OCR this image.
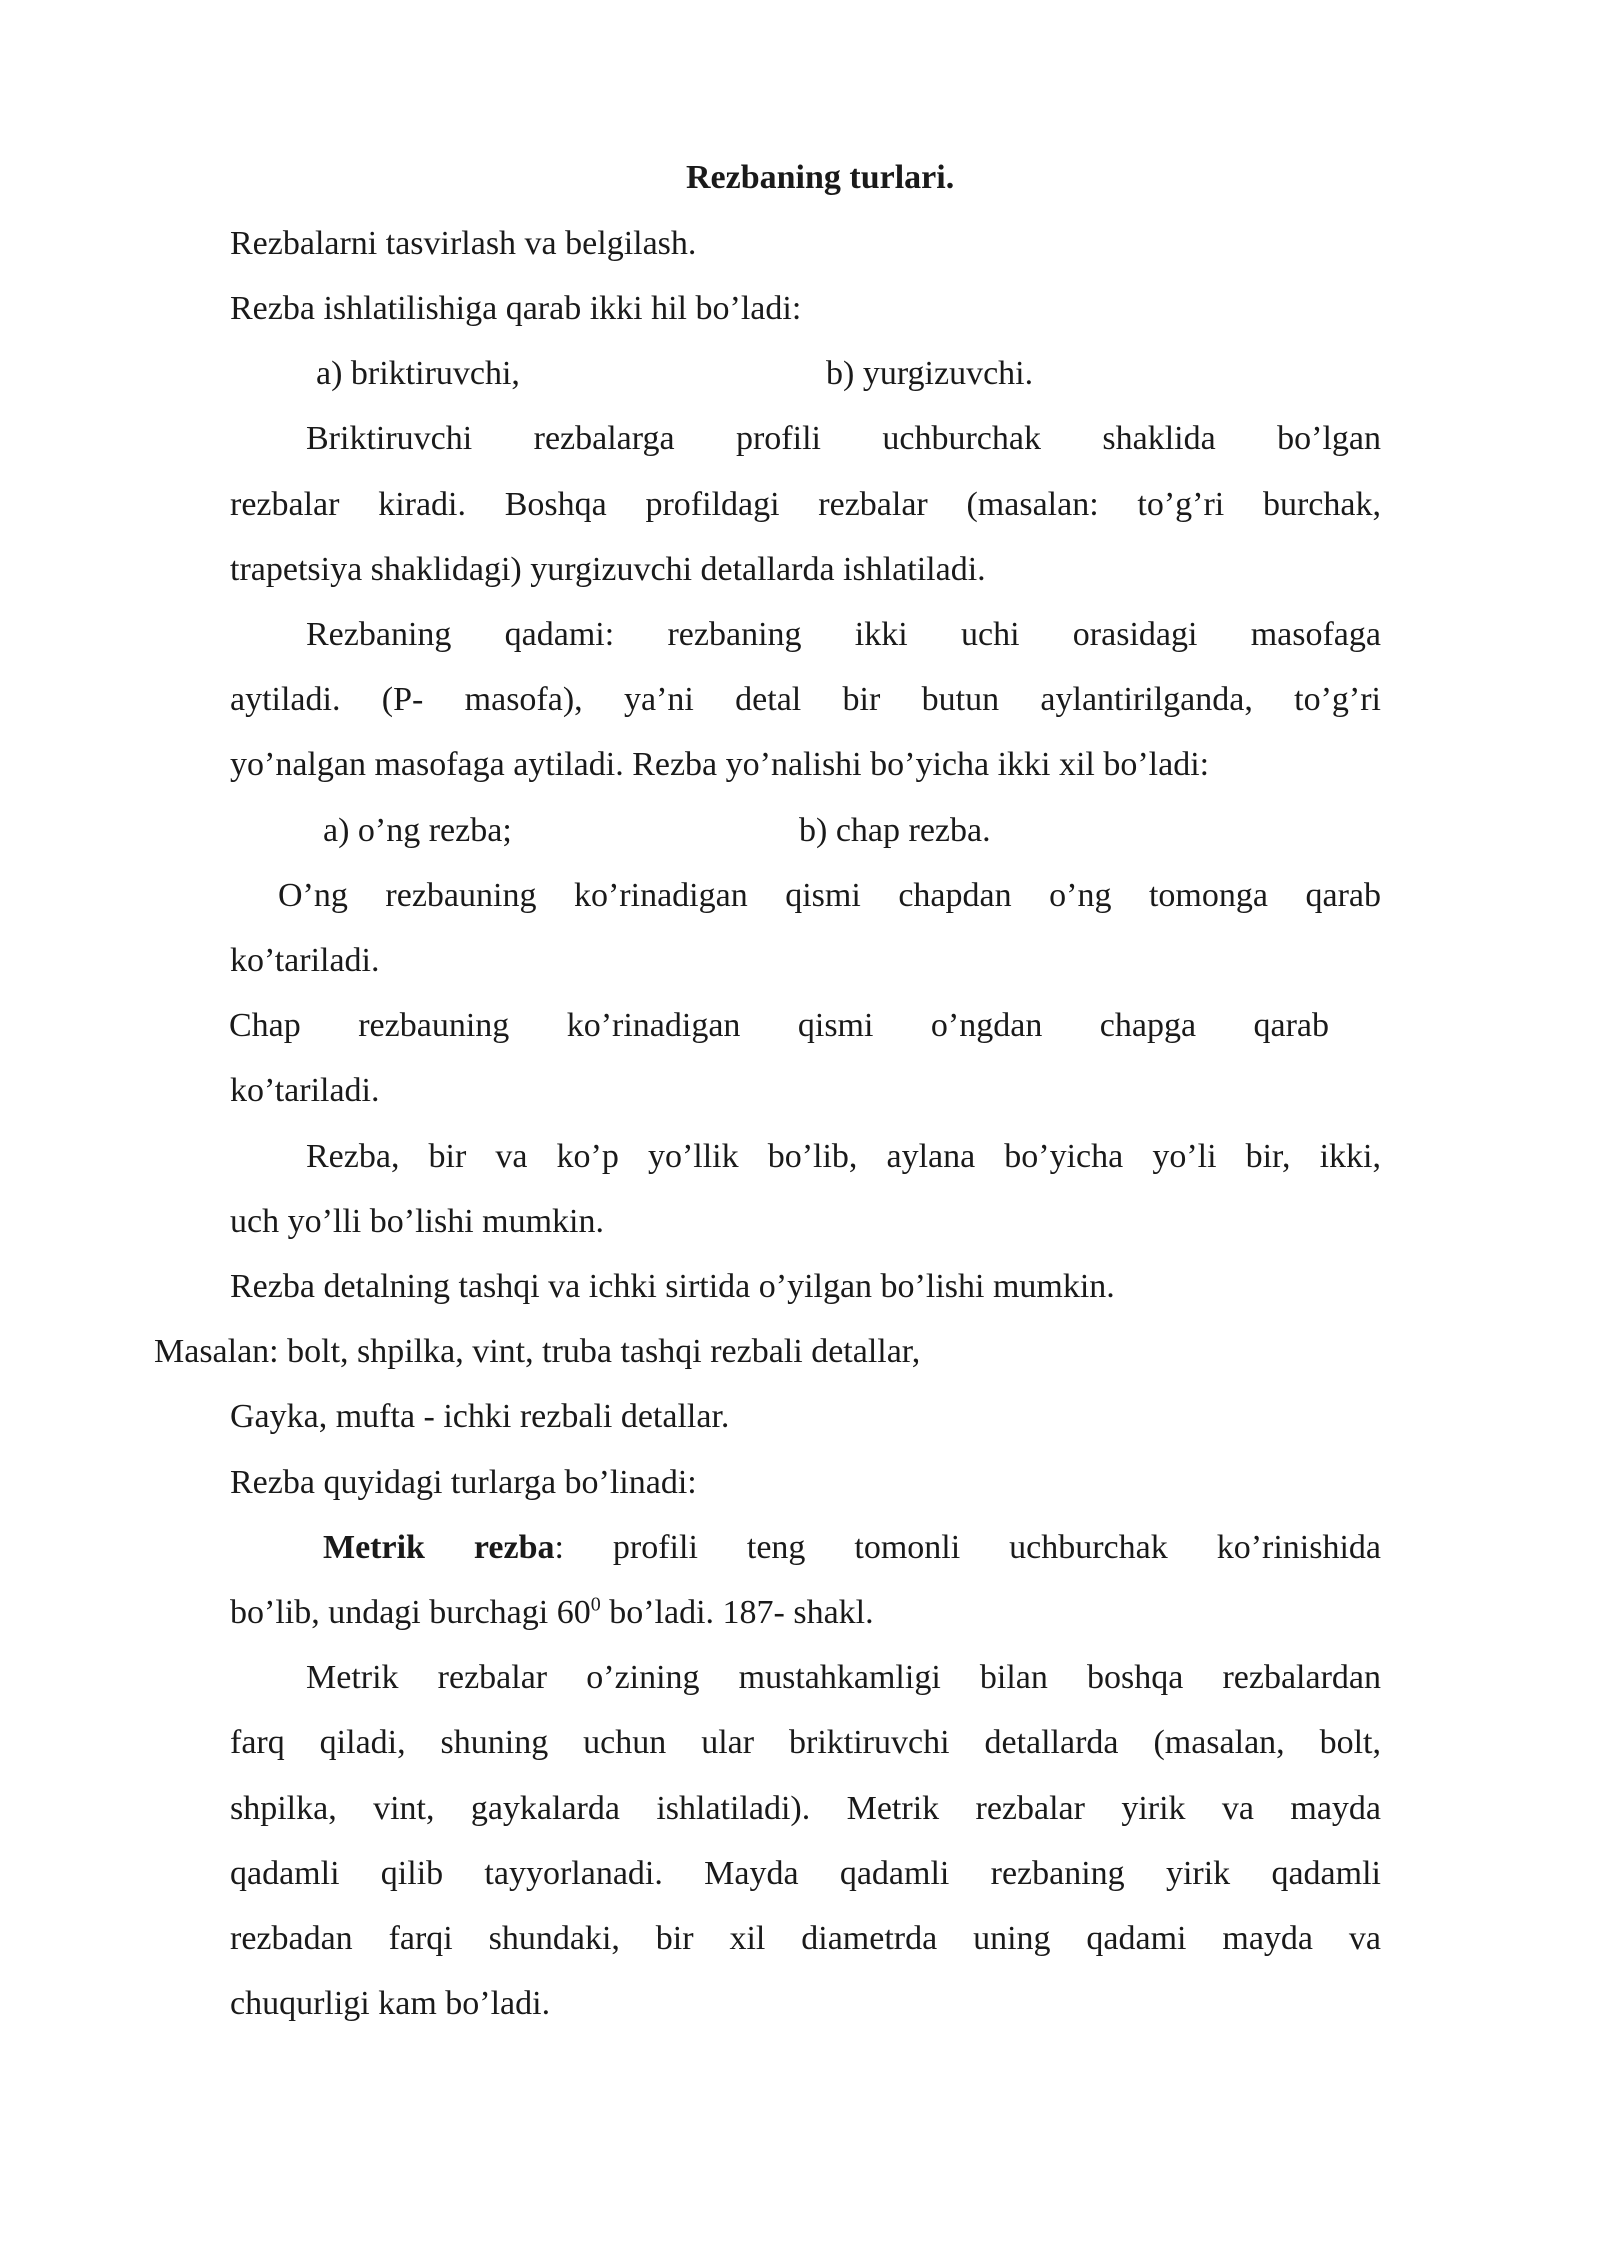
Rezbaning turlari.
Rezbalarni tasvirlash va belgilash.
Rezba ishlatilishiga qarab ikki hil bo’ladi:
a) briktiruvchi,	b) yurgizuvchi.
Briktiruvchi rezbalarga profili uchburchak shaklida bo’lgan
rezbalar kiradi. Boshqa profildagi rezbalar (masalan: to’g’ri burchak,
trapetsiya shaklidagi) yurgizuvchi detallarda ishlatiladi.
Rezbaning qadami: rezbaning ikki uchi orasidagi masofaga
aytiladi. (P- masofa), ya’ni detal bir butun aylantirilganda, to’g’ri
yo’nalgan masofaga aytiladi. Rezba yo’nalishi bo’yicha ikki xil bo’ladi:
a) o’ng rezba;	b) chap rezba.
O’ng rezbauning ko’rinadigan qismi chapdan o’ng tomonga qarab
ko’tariladi.
Chap rezbauning ko’rinadigan qismi o’ngdan chapga qarab
ko’tariladi.
Rezba, bir va ko’p yo’llik bo’lib, aylana bo’yicha yo’li bir, ikki,
uch yo’lli bo’lishi mumkin.
Rezba detalning tashqi va ichki sirtida o’yilgan bo’lishi mumkin.
Masalan: bolt, shpilka, vint, truba tashqi rezbali detallar,
Gayka, mufta - ichki rezbali detallar.
Rezba quyidagi turlarga bo’linadi:
Metrik rezba: profili teng tomonli uchburchak ko’rinishida
bo’lib, undagi burchagi $60^0$ bo’ladi. 187- shakl.
Metrik rezbalar o’zining mustahkamligi bilan boshqa rezbalardan
farq qiladi, shuning uchun ular briktiruvchi detallarda (masalan, bolt,
shpilka, vint, gaykalarda ishlatiladi). Metrik rezbalar yirik va mayda
qadamli qilib tayyorlanadi. Mayda qadamli rezbaning yirik qadamli
rezbadan farqi shundaki, bir xil diametrda uning qadami mayda va
chuqurligi kam bo’ladi.
